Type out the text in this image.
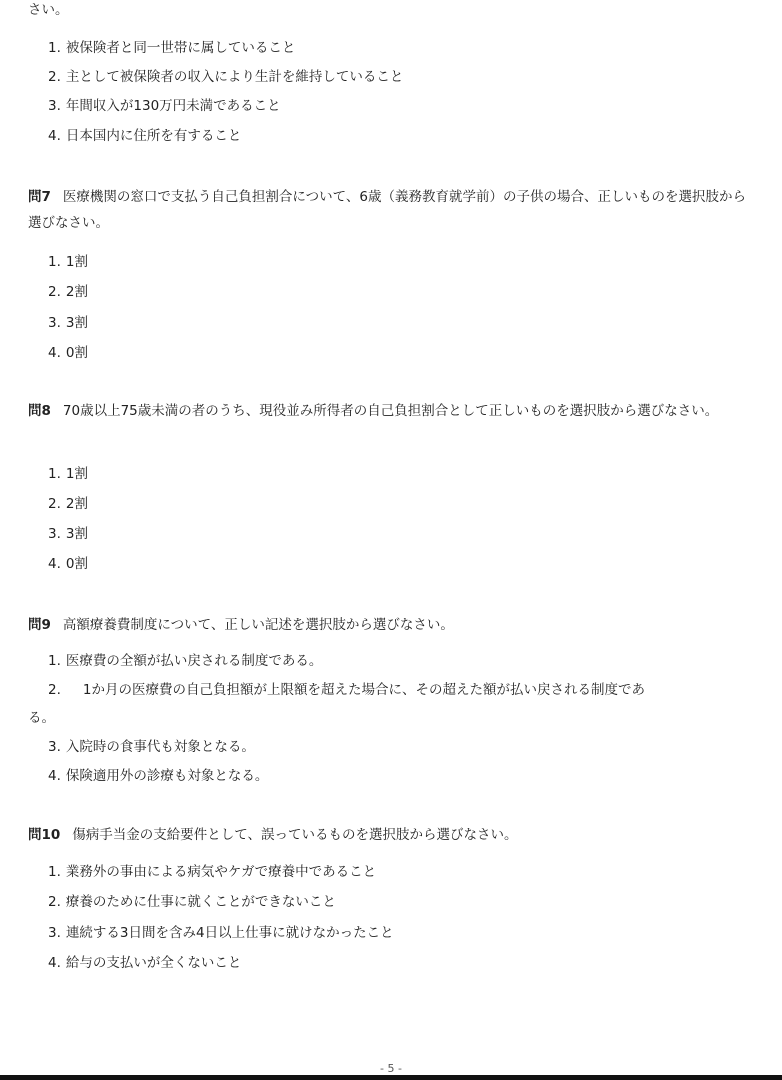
さい。
1. 被保険者と同一世帯に属していること
2. 主として被保険者の収入により生計を維持していること
3. 年間収入が130万円未満であること
4. 日本国内に住所を有すること
問7 医療機関の窓口で支払う自己負担割合について、6歳（義務教育就学前）の子供の場合、正しいものを選択肢から選びなさい。
1. 1割
2. 2割
3. 3割
4. 0割
問8 70歳以上75歳未満の者のうち、現役並み所得者の自己負担割合として正しいものを選択肢から選びなさい。
1. 1割
2. 2割
3. 3割
4. 0割
問9 高額療養費制度について、正しい記述を選択肢から選びなさい。
1. 医療費の全額が払い戻される制度である。
2. 1か月の医療費の自己負担額が上限額を超えた場合に、その超えた額が払い戻される制度であ
る。
3. 入院時の食事代も対象となる。
4. 保険適用外の診療も対象となる。
問10 傷病手当金の支給要件として、誤っているものを選択肢から選びなさい。
1. 業務外の事由による病気やケガで療養中であること
2. 療養のために仕事に就くことができないこと
3. 連続する3日間を含み4日以上仕事に就けなかったこと
4. 給与の支払いが全くないこと
- 5 -
